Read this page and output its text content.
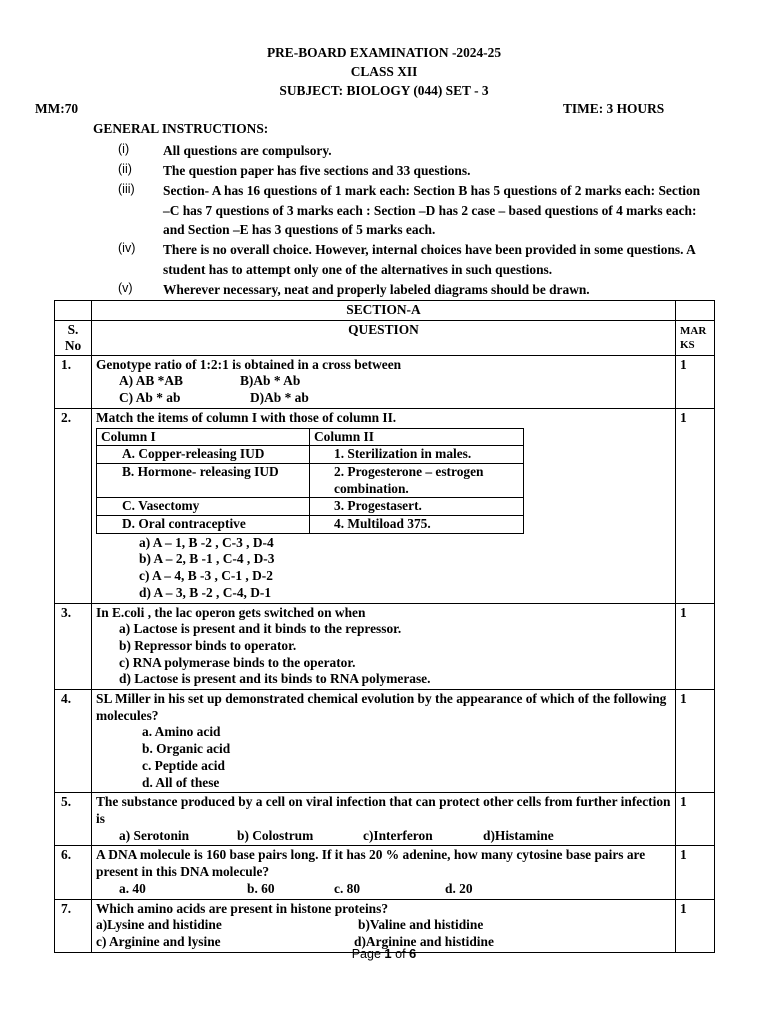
PRE-BOARD EXAMINATION -2024-25
CLASS XII
SUBJECT: BIOLOGY (044) SET - 3
MM:70	TIME: 3 HOURS
GENERAL INSTRUCTIONS:
(i)	All questions are compulsory.
(ii) The question paper has five sections and 33 questions.
(iii) Section- A has 16 questions of 1 mark each: Section B has 5 questions of 2 marks each: Section –C has 7 questions of 3 marks each : Section –D has 2 case – based questions of 4 marks each: and Section –E has 3 questions of 5 marks each.
(iv) There is no overall choice. However, internal choices have been provided in some questions. A student has to attempt only one of the alternatives in such questions.
(v) Wherever necessary, neat and properly labeled diagrams should be drawn.
	SECTION-A	
S. No	QUESTION	MAR KS
1.	Genotype ratio of 1:2:1 is obtained in a cross between
A) AB *AB	B)Ab * Ab
C) Ab * ab	D)Ab * ab
	1
2.	Match the items of column I with those of column II.
Column I	Column II
A. Copper-releasing IUD	1. Sterilization in males.
B. Hormone- releasing IUD	2. Progesterone – estrogen combination.
C. Vasectomy	3. Progestasert.
D. Oral contraceptive	4. Multiload 375.
a) A – 1, B -2 , C-3 , D-4
b) A – 2, B -1 , C-4 , D-3
c) A – 4, B -3 , C-1 , D-2
d) A – 3, B -2 , C-4, D-1
	1
3.	In E.coli , the lac operon gets switched on when
a) Lactose is present and it binds to the repressor.
b) Repressor binds to operator.
c) RNA polymerase binds to the operator.
d) Lactose is present and its binds to RNA polymerase.
	1
4.	SL Miller in his set up demonstrated chemical evolution by the appearance of which of the following molecules?
a. Amino acid
b. Organic acid
c. Peptide acid
d. All of these
	1
5.	The substance produced by a cell on viral infection that can protect other cells from further infection is
a) Serotonin	b) Colostrum	c)Interferon	d)Histamine
	1
6.	A DNA molecule is 160 base pairs long. If it has 20 % adenine, how many cytosine base pairs are present in this DNA molecule?
a. 40	b. 60	c. 80	d. 20
	1
7.	Which amino acids are present in histone proteins?
a)Lysine and histidine	b)Valine and histidine
c) Arginine and lysine	d)Arginine and histidine
	1
Page 1 of 6
